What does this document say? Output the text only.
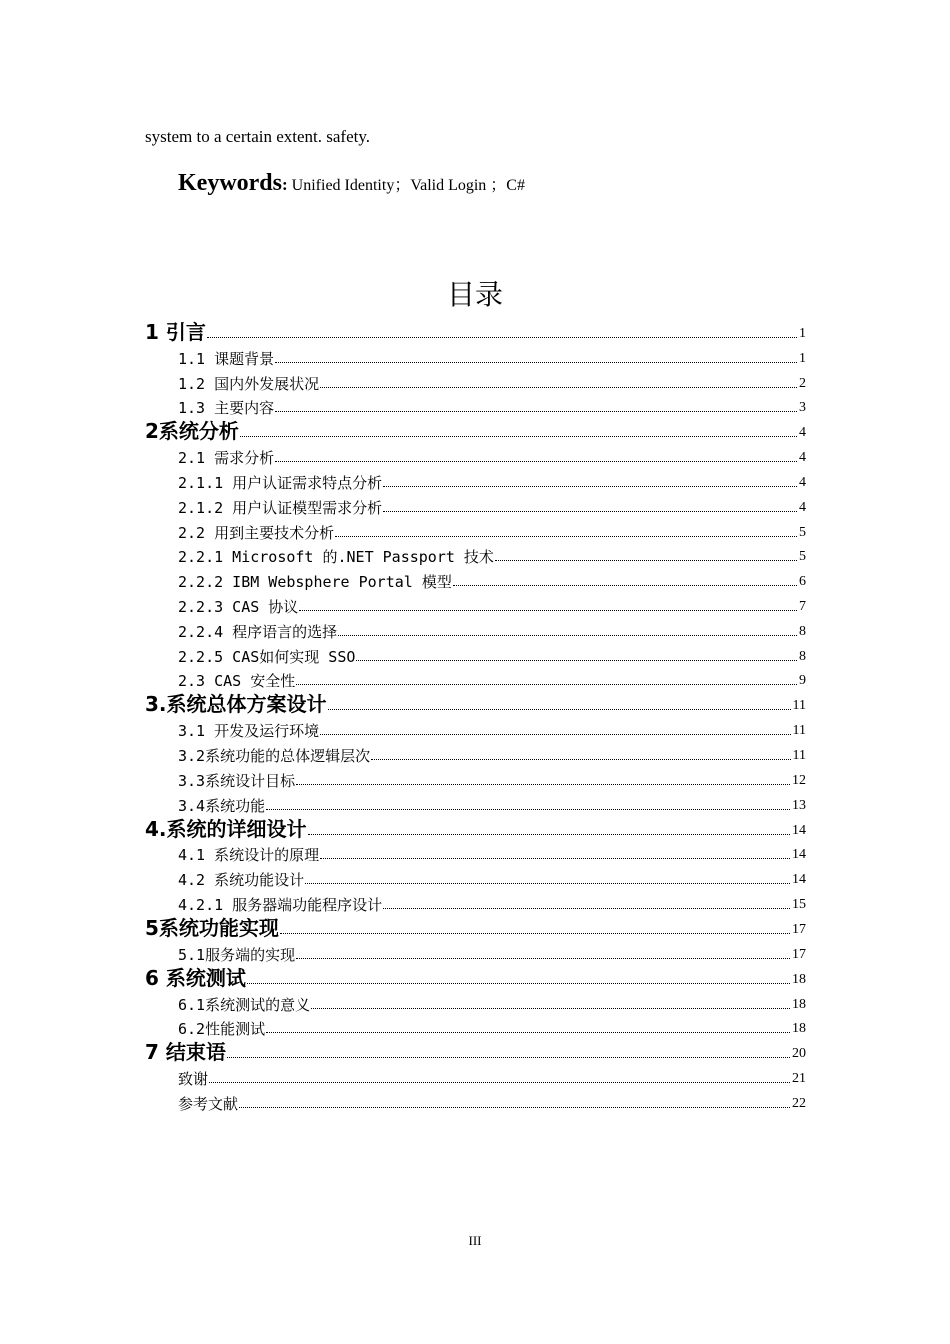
system to a certain extent. safety.
Keywords: Unified Identity；Valid Login ；C#
目录
1 引言	1
1.1 课题背景	1
1.2 国内外发展状况	2
1.3 主要内容	3
2系统分析	4
2.1 需求分析	4
2.1.1 用户认证需求特点分析	4
2.1.2 用户认证模型需求分析	4
2.2 用到主要技术分析	5
2.2.1 Microsoft 的.NET Passport 技术	5
2.2.2 IBM Websphere Portal 模型	6
2.2.3 CAS 协议	7
2.2.4 程序语言的选择	8
2.2.5 CAS如何实现 SSO	8
2.3 CAS 安全性	9
3.系统总体方案设计	11
3.1 开发及运行环境	11
3.2系统功能的总体逻辑层次	11
3.3系统设计目标	12
3.4系统功能	13
4.系统的详细设计	14
4.1 系统设计的原理	14
4.2 系统功能设计	14
4.2.1 服务器端功能程序设计	15
5系统功能实现	17
5.1服务端的实现	17
6 系统测试	18
6.1系统测试的意义	18
6.2性能测试	18
7 结束语	20
致谢	21
参考文献	22
III
